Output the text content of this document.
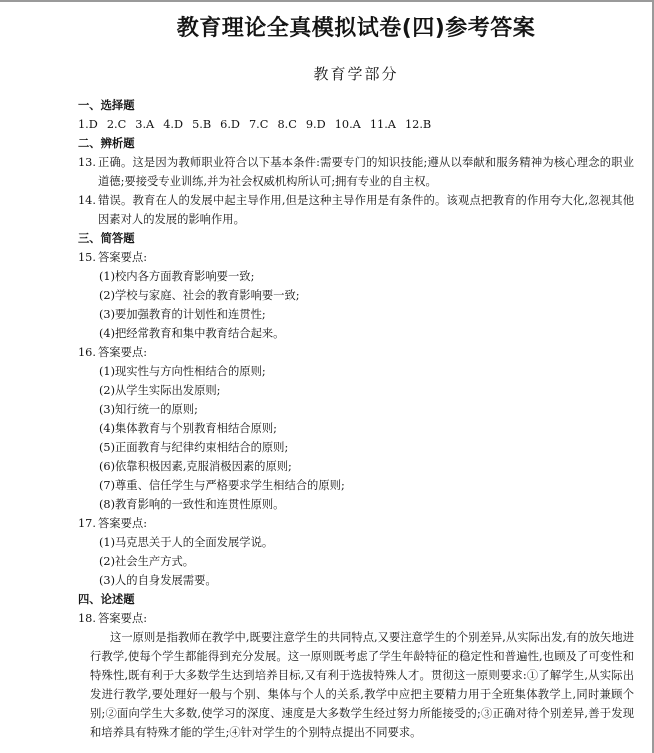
教育理论全真模拟试卷(四)参考答案
教育学部分
一、选择题
1.D 2.C 3.A 4.D 5.B 6.D 7.C 8.C 9.D 10.A 11.A 12.B
二、辨析题
13. 正确。这是因为教师职业符合以下基本条件:需要专门的知识技能;遵从以奉献和服务精神为核心理念的职业道德;要接受专业训练,并为社会权威机构所认可;拥有专业的自主权。
14. 错误。教育在人的发展中起主导作用,但是这种主导作用是有条件的。该观点把教育的作用夸大化,忽视其他因素对人的发展的影响作用。
三、简答题
15. 答案要点:
(1)校内各方面教育影响要一致;
(2)学校与家庭、社会的教育影响要一致;
(3)要加强教育的计划性和连贯性;
(4)把经常教育和集中教育结合起来。
16. 答案要点:
(1)现实性与方向性相结合的原则;
(2)从学生实际出发原则;
(3)知行统一的原则;
(4)集体教育与个别教育相结合原则;
(5)正面教育与纪律约束相结合的原则;
(6)依靠积极因素,克服消极因素的原则;
(7)尊重、信任学生与严格要求学生相结合的原则;
(8)教育影响的一致性和连贯性原则。
17. 答案要点:
(1)马克思关于人的全面发展学说。
(2)社会生产方式。
(3)人的自身发展需要。
四、论述题
18. 答案要点:
这一原则是指教师在教学中,既要注意学生的共同特点,又要注意学生的个别差异,从实际出发,有的放矢地进行教学,使每个学生都能得到充分发展。这一原则既考虑了学生年龄特征的稳定性和普遍性,也顾及了可变性和特殊性,既有利于大多数学生达到培养目标,又有利于选拔特殊人才。贯彻这一原则要求:①了解学生,从实际出发进行教学,要处理好一般与个别、集体与个人的关系,教学中应把主要精力用于全班集体教学上,同时兼顾个别;②面向学生大多数,使学习的深度、速度是大多数学生经过努力所能接受的;③正确对待个别差异,善于发现和培养具有特殊才能的学生;④针对学生的个别特点提出不同要求。
